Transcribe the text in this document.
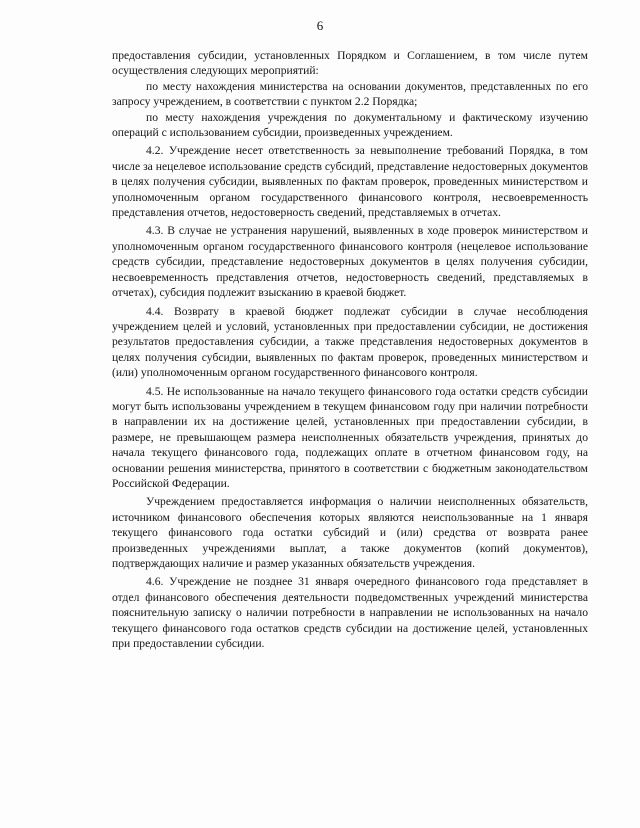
6

предоставления субсидии, установленных Порядком и Соглашением, в том числе путем осуществления следующих мероприятий:

по месту нахождения министерства на основании документов, представленных по его запросу учреждением, в соответствии с пунктом 2.2 Порядка;

по месту нахождения учреждения по документальному и фактическому изучению операций с использованием субсидии, произведенных учреждением.

4.2. Учреждение несет ответственность за невыполнение требований Порядка, в том числе за нецелевое использование средств субсидий, представление недостоверных документов в целях получения субсидии, выявленных по фактам проверок, проведенных министерством и уполномоченным органом государственного финансового контроля, несвоевременность представления отчетов, недостоверность сведений, представляемых в отчетах.

4.3. В случае не устранения нарушений, выявленных в ходе проверок министерством и уполномоченным органом государственного финансового контроля (нецелевое использование средств субсидии, представление недостоверных документов в целях получения субсидии, несвоевременность представления отчетов, недостоверность сведений, представляемых в отчетах), субсидия подлежит взысканию в краевой бюджет.

4.4. Возврату в краевой бюджет подлежат субсидии в случае несоблюдения учреждением целей и условий, установленных при предоставлении субсидии, не достижения результатов предоставления субсидии, а также представления недостоверных документов в целях получения субсидии, выявленных по фактам проверок, проведенных министерством и (или) уполномоченным органом государственного финансового контроля.

4.5. Не использованные на начало текущего финансового года остатки средств субсидии могут быть использованы учреждением в текущем финансовом году при наличии потребности в направлении их на достижение целей, установленных при предоставлении субсидии, в размере, не превышающем размера неисполненных обязательств учреждения, принятых до начала текущего финансового года, подлежащих оплате в отчетном финансовом году, на основании решения министерства, принятого в соответствии с бюджетным законодательством Российской Федерации.

Учреждением предоставляется информация о наличии неисполненных обязательств, источником финансового обеспечения которых являются неиспользованные на 1 января текущего финансового года остатки субсидий и (или) средства от возврата ранее произведенных учреждениями выплат, а также документов (копий документов), подтверждающих наличие и размер указанных обязательств учреждения.

4.6. Учреждение не позднее 31 января очередного финансового года представляет в отдел финансового обеспечения деятельности подведомственных учреждений министерства пояснительную записку о наличии потребности в направлении не использованных на начало текущего финансового года остатков средств субсидии на достижение целей, установленных при предоставлении субсидии.
